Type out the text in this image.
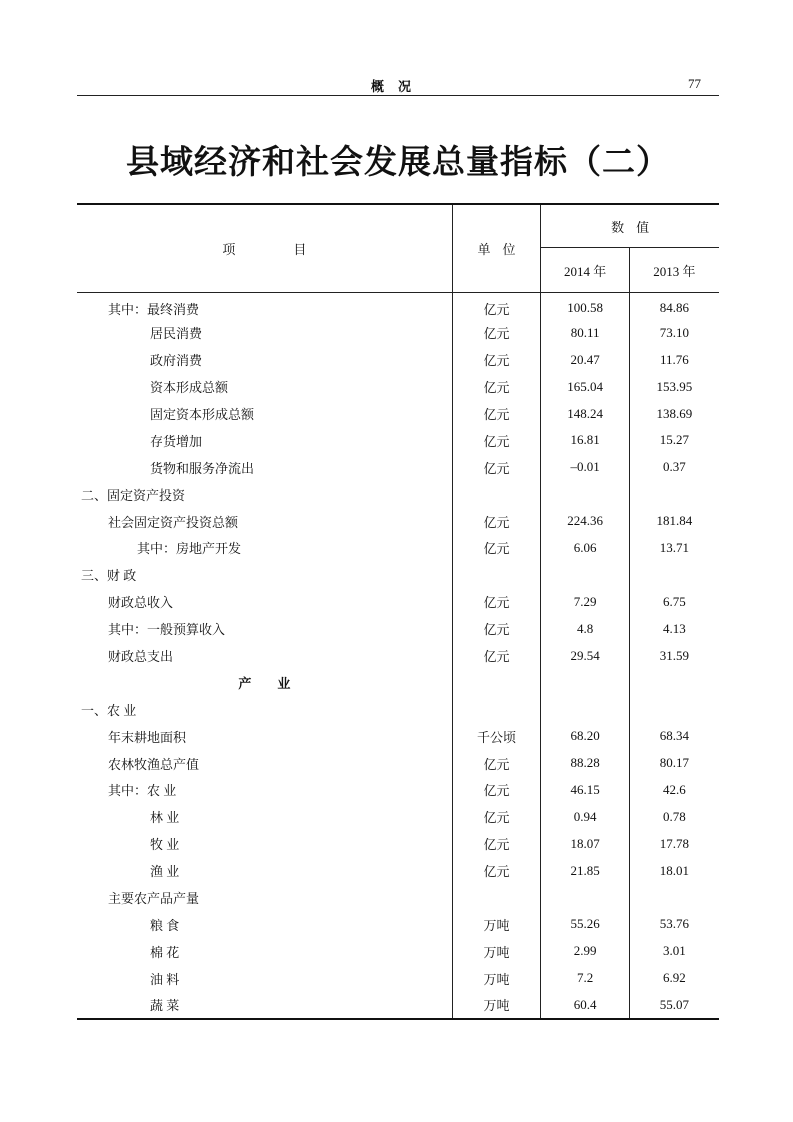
概况	77
县域经济和社会发展总量指标（二）
项目	单位	数值	
		2014 年	2013 年
其中：最终消费	亿元	100.58	84.86
居民消费	亿元	80.11	73.10
政府消费	亿元	20.47	11.76
资本形成总额	亿元	165.04	153.95
固定资本形成总额	亿元	148.24	138.69
存货增加	亿元	16.81	15.27
货物和服务净流出	亿元	–0.01	0.37
二、固定资产投资			
社会固定资产投资总额	亿元	224.36	181.84
其中：房地产开发	亿元	6.06	13.71
三、财 政			
财政总收入	亿元	7.29	6.75
其中：一般预算收入	亿元	4.8	4.13
财政总支出	亿元	29.54	31.59
产业			
一、农 业			
年末耕地面积	千公顷	68.20	68.34
农林牧渔总产值	亿元	88.28	80.17
其中：农 业	亿元	46.15	42.6
林 业	亿元	0.94	0.78
牧 业	亿元	18.07	17.78
渔 业	亿元	21.85	18.01
主要农产品产量			
粮 食	万吨	55.26	53.76
棉 花	万吨	2.99	3.01
油 料	万吨	7.2	6.92
蔬 菜	万吨	60.4	55.07
